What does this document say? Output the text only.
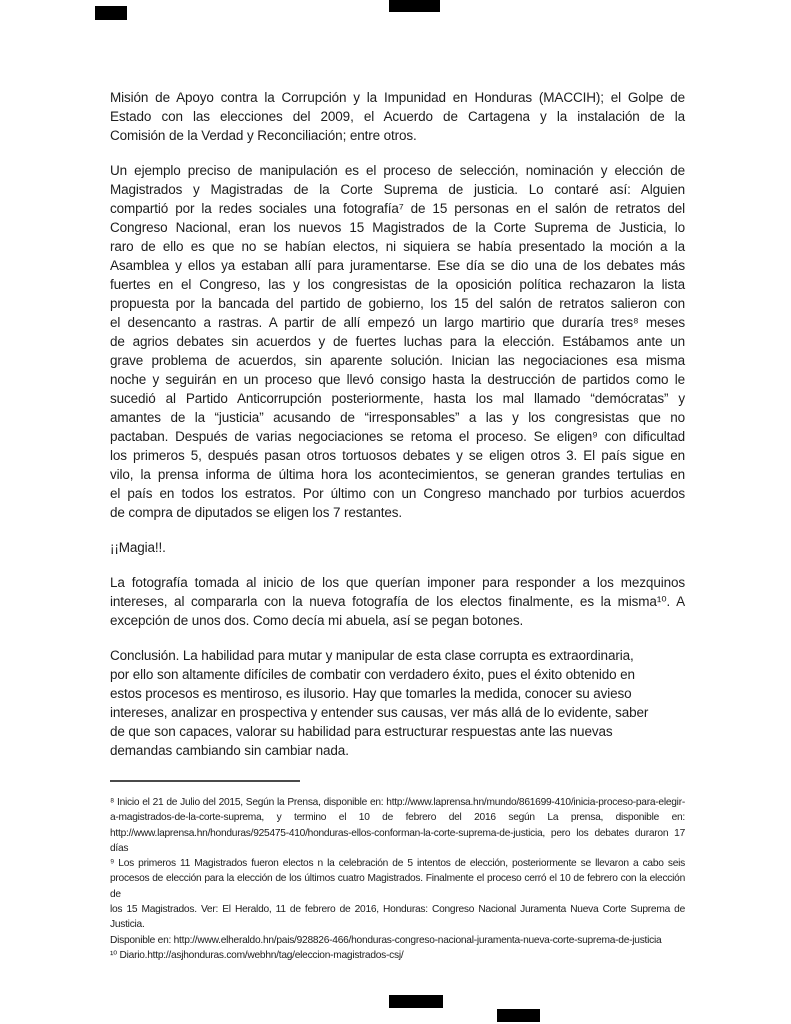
Misión de Apoyo contra la Corrupción y la Impunidad en Honduras (MACCIH); el Golpe de
Estado con las elecciones del 2009, el Acuerdo de Cartagena y la instalación de la
Comisión de la Verdad y Reconciliación; entre otros.
Un ejemplo preciso de manipulación es el proceso de selección, nominación y elección de
Magistrados y Magistradas de la Corte Suprema de justicia. Lo contaré así: Alguien
compartió por la redes sociales una fotografía⁷ de 15 personas en el salón de retratos del
Congreso Nacional, eran los nuevos 15 Magistrados de la Corte Suprema de Justicia, lo
raro de ello es que no se habían electos, ni siquiera se había presentado la moción a la
Asamblea y ellos ya estaban allí para juramentarse. Ese día se dio una de los debates más
fuertes en el Congreso, las y los congresistas de la oposición política rechazaron la lista
propuesta por la bancada del partido de gobierno, los 15 del salón de retratos salieron con
el desencanto a rastras. A partir de allí empezó un largo martirio que duraría tres⁸ meses
de agrios debates sin acuerdos y de fuertes luchas para la elección. Estábamos ante un
grave problema de acuerdos, sin aparente solución. Inician las negociaciones esa misma
noche y seguirán en un proceso que llevó consigo hasta la destrucción de partidos como le
sucedió al Partido Anticorrupción posteriormente, hasta los mal llamado “demócratas” y
amantes de la “justicia” acusando de “irresponsables” a las y los congresistas que no
pactaban. Después de varias negociaciones se retoma el proceso. Se eligen⁹ con dificultad
los primeros 5, después pasan otros tortuosos debates y se eligen otros 3. El país sigue en
vilo, la prensa informa de última hora los acontecimientos, se generan grandes tertulias en
el país en todos los estratos. Por último con un Congreso manchado por turbios acuerdos
de compra de diputados se eligen los 7 restantes.
¡¡Magia!!.
La fotografía tomada al inicio de los que querían imponer para responder a los mezquinos
intereses, al compararla con la nueva fotografía de los electos finalmente, es la misma¹⁰. A
excepción de unos dos. Como decía mi abuela, así se pegan botones.
Conclusión. La habilidad para mutar y manipular de esta clase corrupta es extraordinaria,
por ello son altamente difíciles de combatir con verdadero éxito, pues el éxito obtenido en
estos procesos es mentiroso, es ilusorio. Hay que tomarles la medida, conocer su avieso
intereses, analizar en prospectiva y entender sus causas, ver más allá de lo evidente, saber
de que son capaces, valorar su habilidad para estructurar respuestas ante las nuevas
demandas cambiando sin cambiar nada.
⁸ Inicio el 21 de Julio del 2015, Según la Prensa, disponible en: http://www.laprensa.hn/mundo/861699-410/inicia-proceso-para-elegir-
a-magistrados-de-la-corte-suprema, y termino el 10 de febrero del 2016 según La prensa, disponible en:
http://www.laprensa.hn/honduras/925475-410/honduras-ellos-conforman-la-corte-suprema-de-justicia, pero los debates duraron 17
días
⁹ Los primeros 11 Magistrados fueron electos n la celebración de 5 intentos de elección, posteriormente se llevaron a cabo seis
procesos de elección para la elección de los últimos cuatro Magistrados. Finalmente el proceso cerró el 10 de febrero con la elección de
los 15 Magistrados. Ver: El Heraldo, 11 de febrero de 2016, Honduras: Congreso Nacional Juramenta Nueva Corte Suprema de Justicia.
Disponible en: http://www.elheraldo.hn/pais/928826-466/honduras-congreso-nacional-juramenta-nueva-corte-suprema-de-justicia
¹⁰ Diario.http://asjhonduras.com/webhn/tag/eleccion-magistrados-csj/
